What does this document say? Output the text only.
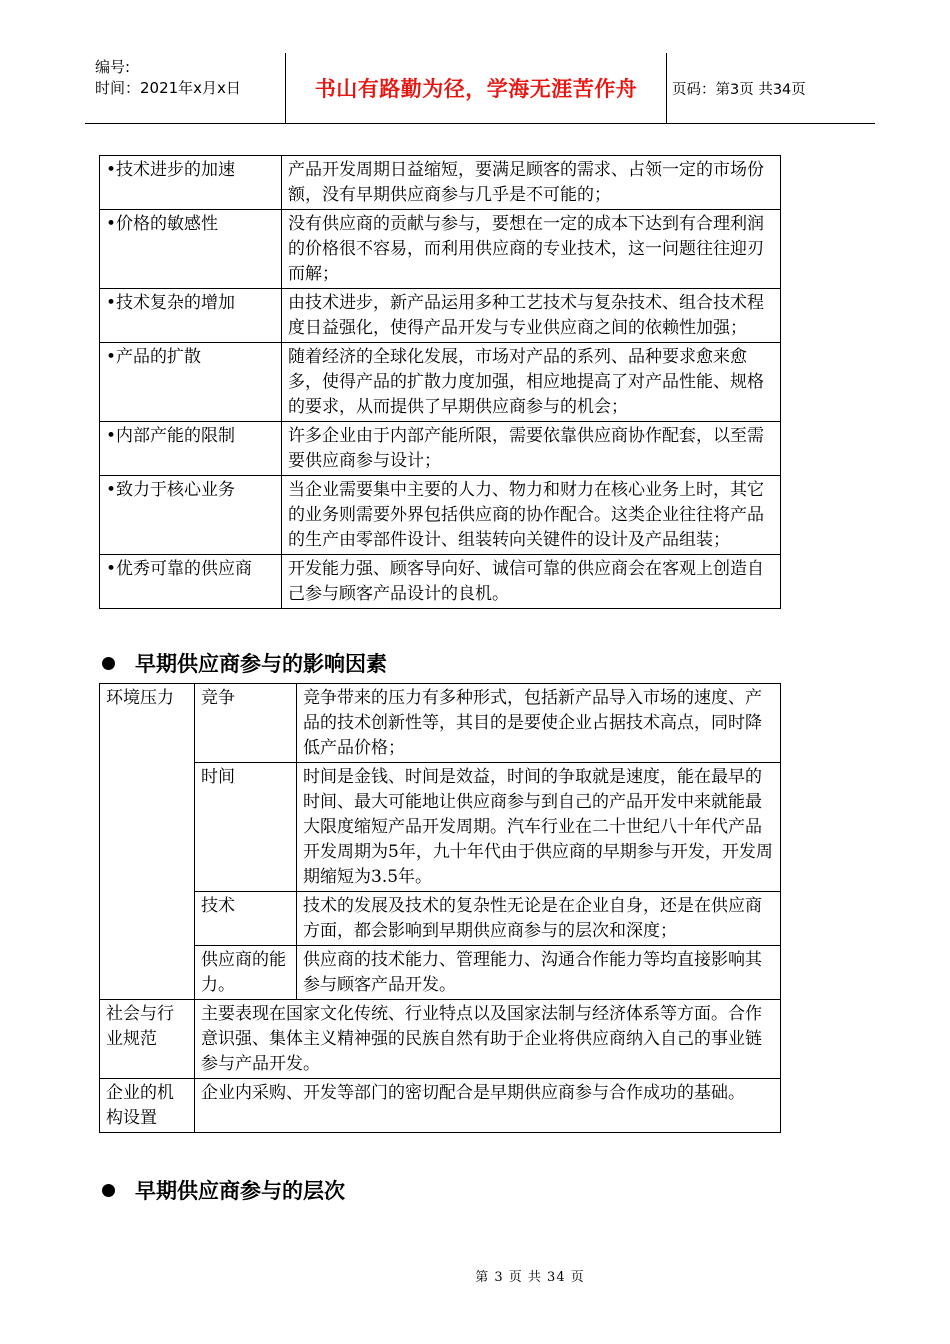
编号:
时间：2021年x月x日	书山有路勤为径，学海无涯苦作舟 页码：第3页 共34页
•技术进步的加速	产品开发周期日益缩短，要满足顾客的需求、占领一定的市场份额，没有早期供应商参与几乎是不可能的；
•价格的敏感性	没有供应商的贡献与参与，要想在一定的成本下达到有合理利润的价格很不容易，而利用供应商的专业技术，这一问题往往迎刃而解；
•技术复杂的增加	由技术进步，新产品运用多种工艺技术与复杂技术、组合技术程度日益强化，使得产品开发与专业供应商之间的依赖性加强；
•产品的扩散	随着经济的全球化发展，市场对产品的系列、品种要求愈来愈多，使得产品的扩散力度加强，相应地提高了对产品性能、规格的要求，从而提供了早期供应商参与的机会；
•内部产能的限制	许多企业由于内部产能所限，需要依靠供应商协作配套，以至需要供应商参与设计；
•致力于核心业务	当企业需要集中主要的人力、物力和财力在核心业务上时，其它的业务则需要外界包括供应商的协作配合。这类企业往往将产品的生产由零部件设计、组装转向关键件的设计及产品组装；
•优秀可靠的供应商	开发能力强、顾客导向好、诚信可靠的供应商会在客观上创造自己参与顾客产品设计的良机。
早期供应商参与的影响因素
环境压力	竞争	竞争带来的压力有多种形式，包括新产品导入市场的速度、产品的技术创新性等，其目的是要使企业占据技术高点，同时降低产品价格；
	时间	时间是金钱、时间是效益，时间的争取就是速度，能在最早的时间、最大可能地让供应商参与到自己的产品开发中来就能最大限度缩短产品开发周期。汽车行业在二十世纪八十年代产品开发周期为5年，九十年代由于供应商的早期参与开发，开发周期缩短为3.5年。
	技术	技术的发展及技术的复杂性无论是在企业自身，还是在供应商方面，都会影响到早期供应商参与的层次和深度；
	供应商的能力。	供应商的技术能力、管理能力、沟通合作能力等均直接影响其参与顾客产品开发。
社会与行业规范	主要表现在国家文化传统、行业特点以及国家法制与经济体系等方面。合作意识强、集体主义精神强的民族自然有助于企业将供应商纳入自己的事业链参与产品开发。	
企业的机构设置	企业内采购、开发等部门的密切配合是早期供应商参与合作成功的基础。	
早期供应商参与的层次
第 3 页 共 34 页
